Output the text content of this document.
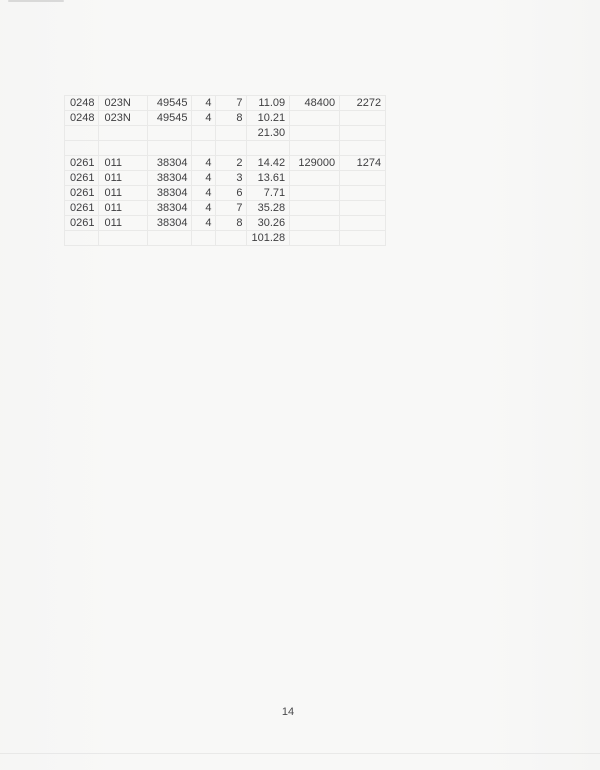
0248	023N	49545	4	7	11.09	48400	2272
0248	023N	49545	4	8	10.21		
					21.30		

0261	011	38304	4	2	14.42	129000	1274
0261	011	38304	4	3	13.61		
0261	011	38304	4	6	7.71		
0261	011	38304	4	7	35.28		
0261	011	38304	4	8	30.26		
					101.28		
14
